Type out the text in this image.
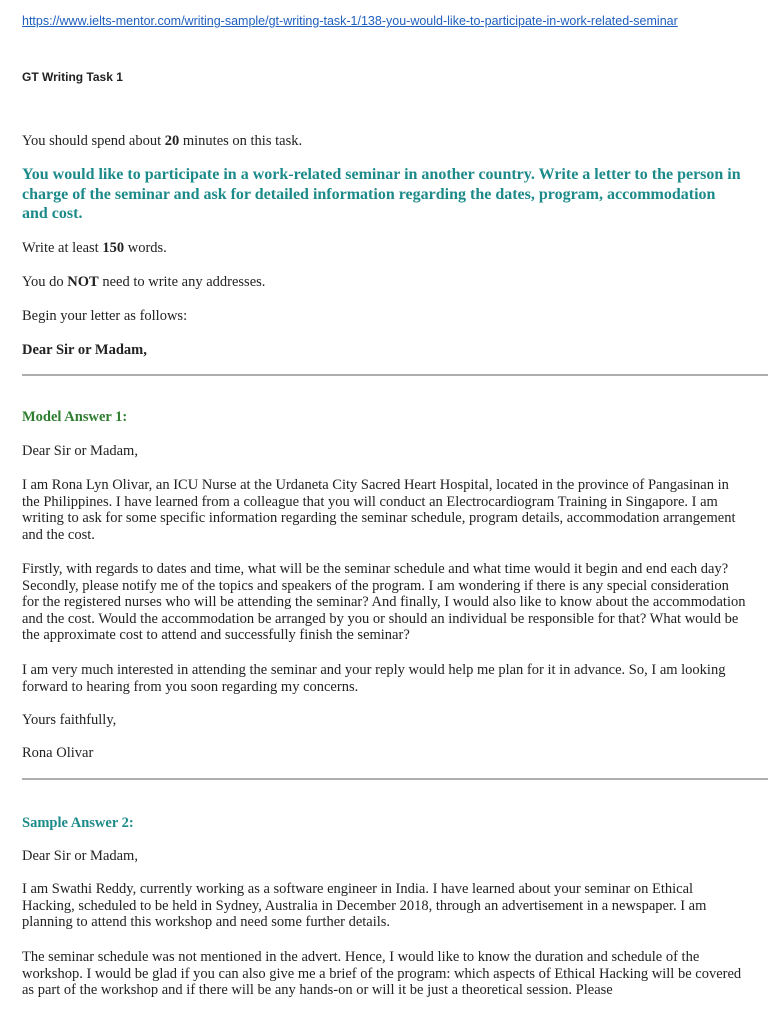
https://www.ielts-mentor.com/writing-sample/gt-writing-task-1/138-you-would-like-to-participate-in-work-related-seminar
GT Writing Task 1

You should spend about 20 minutes on this task.

You would like to participate in a work-related seminar in another country. Write a letter to the person in charge of the seminar and ask for detailed information regarding the dates, program, accommodation and cost.

Write at least 150 words.

You do NOT need to write any addresses.

Begin your letter as follows:

Dear Sir or Madam,

Model Answer 1:

Dear Sir or Madam,

I am Rona Lyn Olivar, an ICU Nurse at the Urdaneta City Sacred Heart Hospital, located in the province of Pangasinan in the Philippines. I have learned from a colleague that you will conduct an Electrocardiogram Training in Singapore. I am writing to ask for some specific information regarding the seminar schedule, program details, accommodation arrangement and the cost.

Firstly, with regards to dates and time, what will be the seminar schedule and what time would it begin and end each day? Secondly, please notify me of the topics and speakers of the program. I am wondering if there is any special consideration for the registered nurses who will be attending the seminar? And finally, I would also like to know about the accommodation and the cost. Would the accommodation be arranged by you or should an individual be responsible for that? What would be the approximate cost to attend and successfully finish the seminar?

I am very much interested in attending the seminar and your reply would help me plan for it in advance. So, I am looking forward to hearing from you soon regarding my concerns.

Yours faithfully,

Rona Olivar

Sample Answer 2:

Dear Sir or Madam,

I am Swathi Reddy, currently working as a software engineer in India. I have learned about your seminar on Ethical Hacking, scheduled to be held in Sydney, Australia in December 2018, through an advertisement in a newspaper. I am planning to attend this workshop and need some further details.

The seminar schedule was not mentioned in the advert. Hence, I would like to know the duration and schedule of the workshop. I would be glad if you can also give me a brief of the program: which aspects of Ethical Hacking will be covered as part of the workshop and if there will be any hands-on or will it be just a theoretical session. Please
